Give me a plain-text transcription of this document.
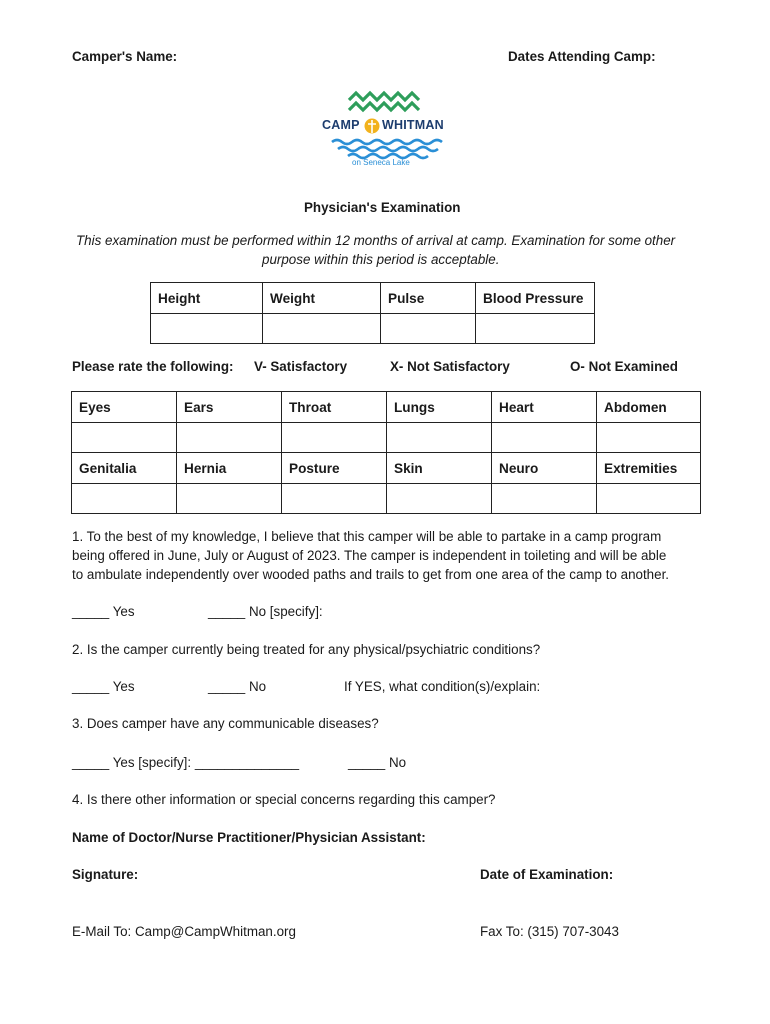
Camper's Name:	Dates Attending Camp:
CAMP WHITMAN
on Seneca Lake
Physician's Examination
This examination must be performed within 12 months of arrival at camp. Examination for some other
purpose within this period is acceptable.
Height	Weight	Pulse	Blood Pressure

Please rate the following: V- Satisfactory	X- Not Satisfactory	O- Not Examined
Eyes	Ears	Throat	Lungs	Heart	Abdomen

Genitalia	Hernia	Posture	Skin	Neuro	Extremities

1. To the best of my knowledge, I believe that this camper will be able to partake in a camp program
being offered in June, July or August of 2023. The camper is independent in toileting and will be able
to ambulate independently over wooded paths and trails to get from one area of the camp to another.
_____ Yes	_____ No [specify]:
2. Is the camper currently being treated for any physical/psychiatric conditions?
_____ Yes	_____ No	If YES, what condition(s)/explain:
3. Does camper have any communicable diseases?
_____ Yes [specify]: ______________	_____ No
4. Is there other information or special concerns regarding this camper?
Name of Doctor/Nurse Practitioner/Physician Assistant:
Signature:	Date of Examination:
E-Mail To: Camp@CampWhitman.org	Fax To: (315) 707-3043
